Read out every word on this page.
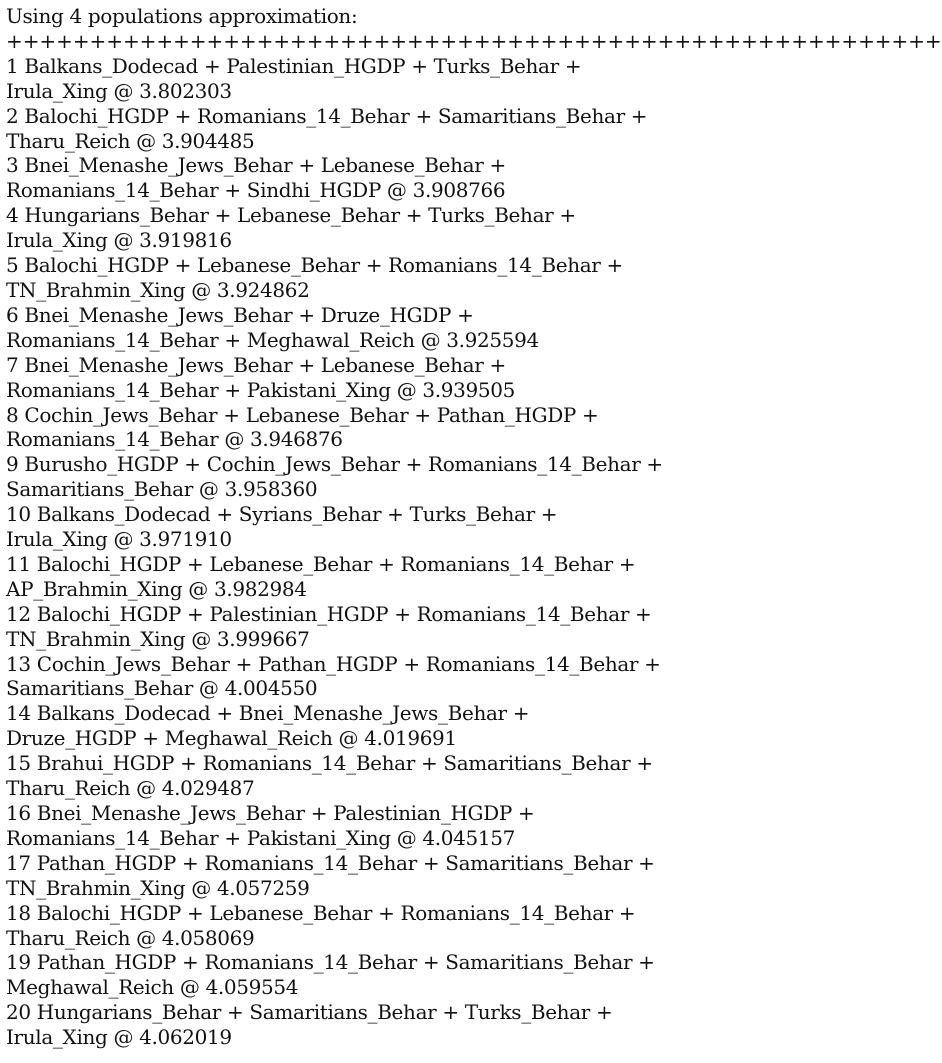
Using 4 populations approximation:
++++++++++++++++++++++++++++++++++++++++++++++++++++++++
1 Balkans_Dodecad + Palestinian_HGDP + Turks_Behar +
Irula_Xing @ 3.802303
2 Balochi_HGDP + Romanians_14_Behar + Samaritians_Behar +
Tharu_Reich @ 3.904485
3 Bnei_Menashe_Jews_Behar + Lebanese_Behar +
Romanians_14_Behar + Sindhi_HGDP @ 3.908766
4 Hungarians_Behar + Lebanese_Behar + Turks_Behar +
Irula_Xing @ 3.919816
5 Balochi_HGDP + Lebanese_Behar + Romanians_14_Behar +
TN_Brahmin_Xing @ 3.924862
6 Bnei_Menashe_Jews_Behar + Druze_HGDP +
Romanians_14_Behar + Meghawal_Reich @ 3.925594
7 Bnei_Menashe_Jews_Behar + Lebanese_Behar +
Romanians_14_Behar + Pakistani_Xing @ 3.939505
8 Cochin_Jews_Behar + Lebanese_Behar + Pathan_HGDP +
Romanians_14_Behar @ 3.946876
9 Burusho_HGDP + Cochin_Jews_Behar + Romanians_14_Behar +
Samaritians_Behar @ 3.958360
10 Balkans_Dodecad + Syrians_Behar + Turks_Behar +
Irula_Xing @ 3.971910
11 Balochi_HGDP + Lebanese_Behar + Romanians_14_Behar +
AP_Brahmin_Xing @ 3.982984
12 Balochi_HGDP + Palestinian_HGDP + Romanians_14_Behar +
TN_Brahmin_Xing @ 3.999667
13 Cochin_Jews_Behar + Pathan_HGDP + Romanians_14_Behar +
Samaritians_Behar @ 4.004550
14 Balkans_Dodecad + Bnei_Menashe_Jews_Behar +
Druze_HGDP + Meghawal_Reich @ 4.019691
15 Brahui_HGDP + Romanians_14_Behar + Samaritians_Behar +
Tharu_Reich @ 4.029487
16 Bnei_Menashe_Jews_Behar + Palestinian_HGDP +
Romanians_14_Behar + Pakistani_Xing @ 4.045157
17 Pathan_HGDP + Romanians_14_Behar + Samaritians_Behar +
TN_Brahmin_Xing @ 4.057259
18 Balochi_HGDP + Lebanese_Behar + Romanians_14_Behar +
Tharu_Reich @ 4.058069
19 Pathan_HGDP + Romanians_14_Behar + Samaritians_Behar +
Meghawal_Reich @ 4.059554
20 Hungarians_Behar + Samaritians_Behar + Turks_Behar +
Irula_Xing @ 4.062019
